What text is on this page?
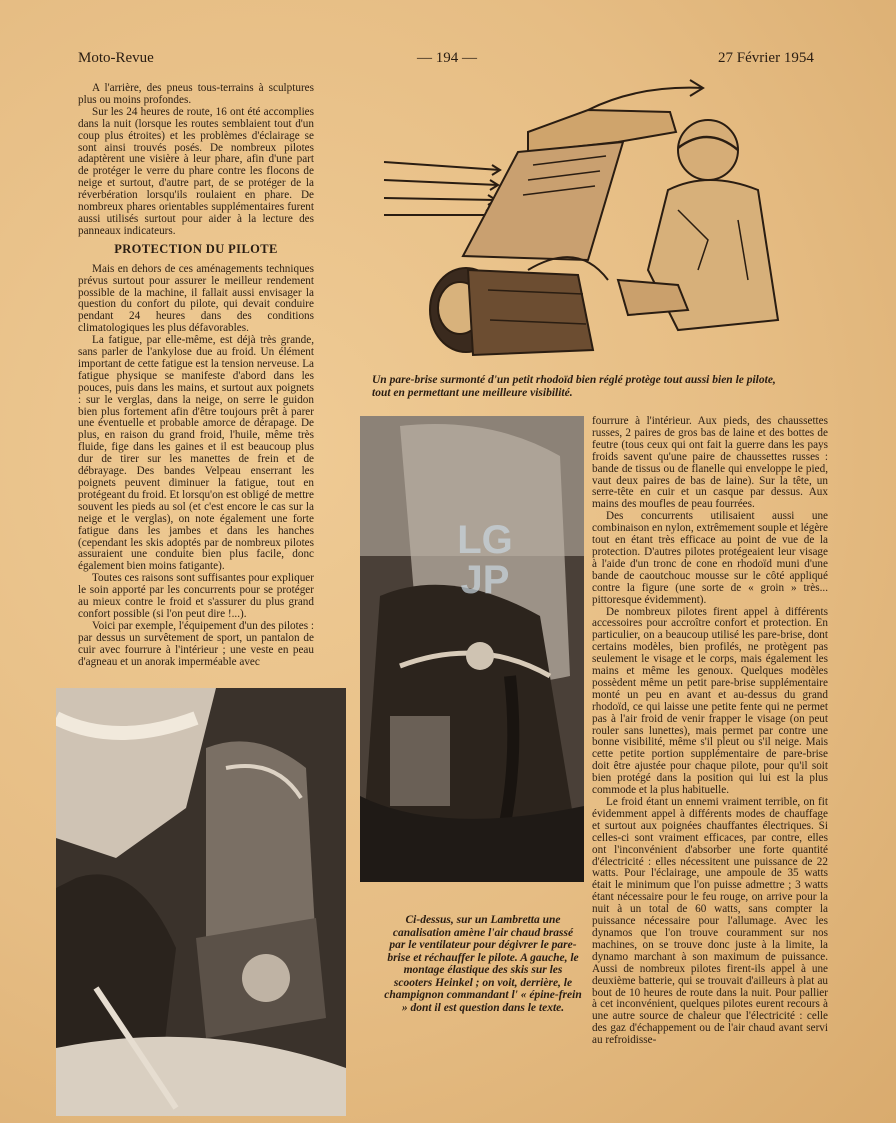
Moto-Revue	— 194 —	27 Février 1954

A l'arrière, des pneus tous-terrains à sculptures plus ou moins profondes.

Sur les 24 heures de route, 16 ont été accomplies dans la nuit (lorsque les routes semblaient tout d'un coup plus étroites) et les problèmes d'éclairage se sont ainsi trouvés posés. De nombreux pilotes adaptèrent une visière à leur phare, afin d'une part de protéger le verre du phare contre les flocons de neige et surtout, d'autre part, de se protéger de la réverbération lorsqu'ils roulaient en phare. De nombreux phares orientables supplémentaires furent aussi utilisés surtout pour aider à la lecture des panneaux indicateurs.

PROTECTION DU PILOTE

Mais en dehors de ces aménagements techniques prévus surtout pour assurer le meilleur rendement possible de la machine, il fallait aussi envisager la question du confort du pilote, qui devait conduire pendant 24 heures dans des conditions climatologiques les plus défavorables.

La fatigue, par elle-même, est déjà très grande, sans parler de l'ankylose due au froid. Un élément important de cette fatigue est la tension nerveuse. La fatigue physique se manifeste d'abord dans les pouces, puis dans les mains, et surtout aux poignets : sur le verglas, dans la neige, on serre le guidon bien plus fortement afin d'être toujours prêt à parer une éventuelle et probable amorce de dérapage. De plus, en raison du grand froid, l'huile, même très fluide, fige dans les gaines et il est beaucoup plus dur de tirer sur les manettes de frein et de débrayage. Des bandes Velpeau enserrant les poignets peuvent diminuer la fatigue, tout en protégeant du froid. Et lorsqu'on est obligé de mettre souvent les pieds au sol (et c'est encore le cas sur la neige et le verglas), on note également une forte fatigue dans les jambes et dans les hanches (cependant les skis adoptés par de nombreux pilotes assuraient une conduite bien plus facile, donc également bien moins fatigante).

Toutes ces raisons sont suffisantes pour expliquer le soin apporté par les concurrents pour se protéger au mieux contre le froid et s'assurer du plus grand confort possible (si l'on peut dire !...).

Voici par exemple, l'équipement d'un des pilotes : par dessus un survêtement de sport, un pantalon de cuir avec fourrure à l'intérieur ; une veste en peau d'agneau et un anorak imperméable avec

Un pare-brise surmonté d'un petit rhodoïd bien réglé protège tout aussi bien le pilote, tout en permettant une meilleure visibilité.
LG
JP
Ci-dessus, sur un Lambretta une canalisation amène l'air chaud brassé par le ventilateur pour dégivrer le pare-brise et réchauffer le pilote. A gauche, le montage élastique des skis sur les scooters Heinkel ; on voit, derrière, le champignon commandant l' « épine-frein » dont il est question dans le texte.

fourrure à l'intérieur. Aux pieds, des chaussettes russes, 2 paires de gros bas de laine et des bottes de feutre (tous ceux qui ont fait la guerre dans les pays froids savent qu'une paire de chaussettes russes : bande de tissus ou de flanelle qui enveloppe le pied, vaut deux paires de bas de laine). Sur la tête, un serre-tête en cuir et un casque par dessus. Aux mains des moufles de peau fourrées.

Des concurrents utilisaient aussi une combinaison en nylon, extrêmement souple et légère tout en étant très efficace au point de vue de la protection. D'autres pilotes protégeaient leur visage à l'aide d'un tronc de cone en rhodoïd muni d'une bande de caoutchouc mousse sur le côté appliqué contre la figure (une sorte de « groin » très... pittoresque évidemment).

De nombreux pilotes firent appel à différents accessoires pour accroître confort et protection. En particulier, on a beaucoup utilisé les pare-brise, dont certains modèles, bien profilés, ne protègent pas seulement le visage et le corps, mais également les mains et même les genoux. Quelques modèles possèdent même un petit pare-brise supplémentaire monté un peu en avant et au-dessus du grand rhodoïd, ce qui laisse une petite fente qui ne permet pas à l'air froid de venir frapper le visage (on peut rouler sans lunettes), mais permet par contre une bonne visibilité, même s'il pleut ou s'il neige. Mais cette petite portion supplémentaire de pare-brise doit être ajustée pour chaque pilote, pour qu'il soit bien protégé dans la position qui lui est la plus commode et la plus habituelle.

Le froid étant un ennemi vraiment terrible, on fit évidemment appel à différents modes de chauffage et surtout aux poignées chauffantes électriques. Si celles-ci sont vraiment efficaces, par contre, elles ont l'inconvénient d'absorber une forte quantité d'électricité : elles nécessitent une puissance de 22 watts. Pour l'éclairage, une ampoule de 35 watts était le minimum que l'on puisse admettre ; 3 watts étant nécessaire pour le feu rouge, on arrive pour la nuit à un total de 60 watts, sans compter la puissance nécessaire pour l'allumage. Avec les dynamos que l'on trouve couramment sur nos machines, on se trouve donc juste à la limite, la dynamo marchant à son maximum de puissance. Aussi de nombreux pilotes firent-ils appel à une deuxième batterie, qui se trouvait d'ailleurs à plat au bout de 10 heures de route dans la nuit. Pour pallier à cet inconvénient, quelques pilotes eurent recours à une autre source de chaleur que l'électricité : celle des gaz d'échappement ou de l'air chaud avant servi au refroidisse-
